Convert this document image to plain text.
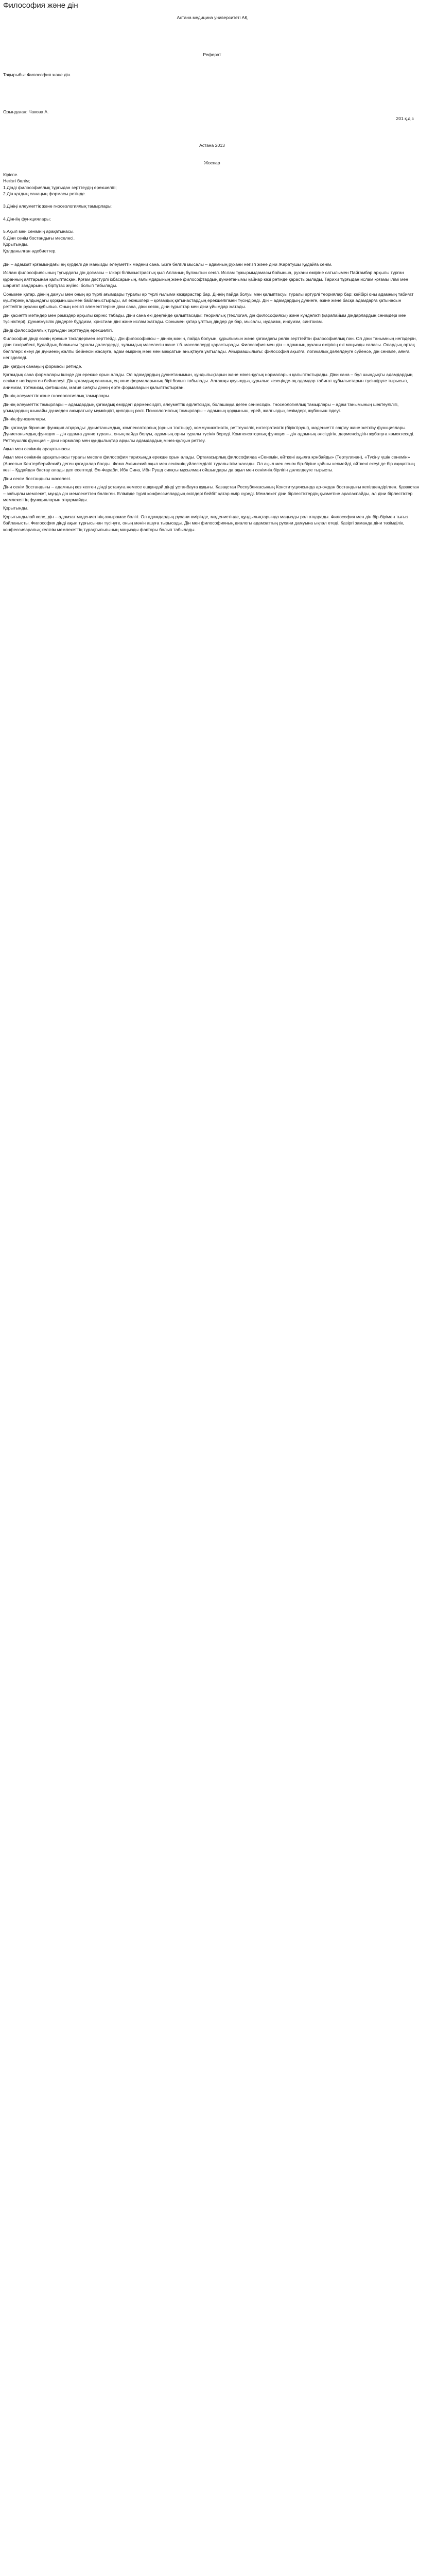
Философия және дін
Астана медицина университеті АҚ
Реферат
Тақырыбы: Философия және дін.
Орындаған: Чакова А.
201 қ.д.с
Астана 2013
Жоспар
Кіріспе.
Негізгі бөлім;
1.Дінді философиялық тұрғыдан зерттеудің ерекшелігі;
2.Дін қағдың санаңың формасы ретінде.
3.Дініңі әлеуметтік және гносеологиялық тамырлары;
4.Дінніің функциялары;
5.Ақыл мен сенімнің арақатынасы.
6.Діни сенім бостандығы мәселесі.
Қорытынды.
Қолданылған әдебиеттер.
Дін – адамзат қоғамындағы ең күрделі де маңызды әлеуметтік мәдени сана. Бізге белгілі мысалы – адамның рухани негізгі және діни Жаратушы Құдайға сенім.
Ислам философиясының тұғырдағы дін догмасы – ілкәрі білімсыстрастық қыл Алланың бұлжытын сенiл. Ислам тұжырымдамасы бойынша, рухани өміріне сатылымен Пайғамбар арқылы тұрған құранның аяттарынан қалыптасқан. Қоғам дәстүрлі ізбасарының, ғалымдарының және философтардың дүниетанымы қайнар көзі ретінде қарастырылады. Тарихи тұрғыдан ислам қоғамы ілімі мен шариғат заңдарының біртұтас жүйесі болып табылады.
Сонымен қатар, діннің дамуы мен оның әр түрлі ағымдары туралы әр түрлі ғылыми көзқарастар бар. Діннің пайда болуы мен қалыптасуы туралы әртүрлі теориялар бар: кейбірі оны адамның табиғат күштерінің алдындағы қорқынышымен байланыстырады, ал екіншілері – қоғамдық қатынастардың ерекшелігімен түсіндіреді. Дін – адамдардың дүниеге, өзіне және басқа адамдарға қатынасын реттейтін рухани құбылыс. Оның негізгі элементтеріне діни сана, діни сезім, діни ғұрыптар мен діни ұйымдар жатады.
Дін қасиетті мәтіндер мен рәміздер арқылы көрініс табады. Діни сана екі деңгейде қалыптасады: теориялық (теология, дін философиясы) және күнделікті (қарапайым діндарлардың сенімдері мен түсініктері). Дүниежүзілік діндерге буддизм, христиан діні және ислам жатады. Сонымен қатар ұлттық діндер де бар, мысалы, иудаизм, индуизм, синтоизм.
Дінді философиялық тұрғыдан зерттеудің ерекшелігі.
Философия дінді өзінің ерекше тәсілдерімен зерттейді. Дін философиясы – діннің мәнін, пайда болуын, құрылымын және қоғамдағы рөлін зерттейтін философиялық пән. Ол діни танымның негіздерін, діни тәжірибені, Құдайдың болмысы туралы дәлелдерді, зұлымдық мәселесін және т.б. мәселелерді қарастырады. Философия мен дін – адамның рухани өмірінің екі маңызды саласы. Олардың ортақ белгілері: екеуі де дүниенің жалпы бейнесін жасауға, адам өмірінің мәні мен мақсатын анықтауға ұмтылады. Айырмашылығы: философия ақылға, логикалық дәлелдеуге сүйенсе, дін сенімге, аянға негізделеді.
Дін қағдың санаңың формасы ретінде.
Қоғамдық сана формалары ішінде дін ерекше орын алады. Ол адамдардың дүниетанымын, құндылықтарын және мінез-құлық нормаларын қалыптастырады. Діни сана – бұл шындықты адамдардың сенімге негізделген бейнелеуі. Дін қоғамдық сананың ең көне формаларының бірі болып табылады. Алғашқы қауымдық құрылыс кезеңінде-ақ адамдар табиғат құбылыстарын түсіндіруге тырысып, анимизм, тотемизм, фетишизм, магия сияқты діннің ерте формаларын қалыптастырған.
Діннің әлеуметтік және гносеологиялық тамырлары.
Діннің әлеуметтік тамырлары – адамдардың қоғамдық өмірдегі дәрменсіздігі, әлеуметтік әділетсіздік, болашаққа деген сенімсіздік. Гносеологиялық тамырлары – адам танымының шектеулілігі, ұғымдардың шынайы дүниеден ажыратылу мүмкіндігі, қиялдың рөлі. Психологиялық тамырлары – адамның қорқыныш, үрей, жалғыздық сезімдері, жұбаныш іздеуі.
Діннің функциялары.
Дін қоғамда бірнеше функция атқарады: дүниетанымдық, компенсаторлық (орнын толтыру), коммуникативтік, реттеушілік, интегративтік (біріктіруші), мәдениетті сақтау және жеткізу функциялары. Дүниетанымдық функция – дін адамға дүние туралы, оның пайда болуы, адамның орны туралы түсінік береді. Компенсаторлық функция – дін адамның әлсіздігін, дәрменсіздігін жұбатуға көмектеседі. Реттеушілік функция – діни нормалар мен құндылықтар арқылы адамдардың мінез-құлқын реттеу.
Ақыл мен сенімнің арақатынасы.
Ақыл мен сенімнің арақатынасы туралы мәселе философия тарихында ерекше орын алады. Ортағасырлық философияда «Сенемін, өйткені ақылға қонбайды» (Тертуллиан), «Түсіну үшін сенемін» (Ансельм Кентерберийский) деген қағидалар болды. Фома Аквинский ақыл мен сенімнің үйлесімділігі туралы ілім жасады. Ол ақыл мен сенім бір-біріне қайшы келмейді, өйткені екеуі де бір ақиқаттың көзі – Құдайдан бастау алады деп есептеді. Әл-Фараби, Ибн Сина, Ибн Рушд сияқты мұсылман ойшылдары да ақыл мен сенімнің бірлігін дәлелдеуге тырысты.
Діни сенім бостандығы мәселесі.
Діни сенім бостандығы – адамның кез келген дінді ұстануға немесе ешқандай дінді ұстанбауға құқығы. Қазақстан Республикасының Конституциясында ар-ождан бостандығы кепілдендірілген. Қазақстан – зайырлы мемлекет, мұнда дін мемлекеттен бөлінген. Елімізде түрлі конфессиялардың өкілдері бейбіт қатар өмір сүреді. Мемлекет діни бірлестіктердің қызметіне араласпайды, ал діни бірлестіктер мемлекеттің функцияларын атқармайды.
Қорытынды.
Қорытындылай келе, дін – адамзат мәдениетінің ажырамас бөлігі. Ол адамдардың рухани өмірінде, мәдениетінде, құндылықтарында маңызды рөл атқарады. Философия мен дін бір-бірімен тығыз байланысты. Философия дінді ақыл тұрғысынан түсінуге, оның мәнін ашуға тырысады. Дін мен философияның диалогы адамзаттың рухани дамуына ықпал етеді. Қазіргі заманда діни төзімділік, конфессияаралық келісім мемлекеттің тұрақтылығының маңызды факторы болып табылады.
